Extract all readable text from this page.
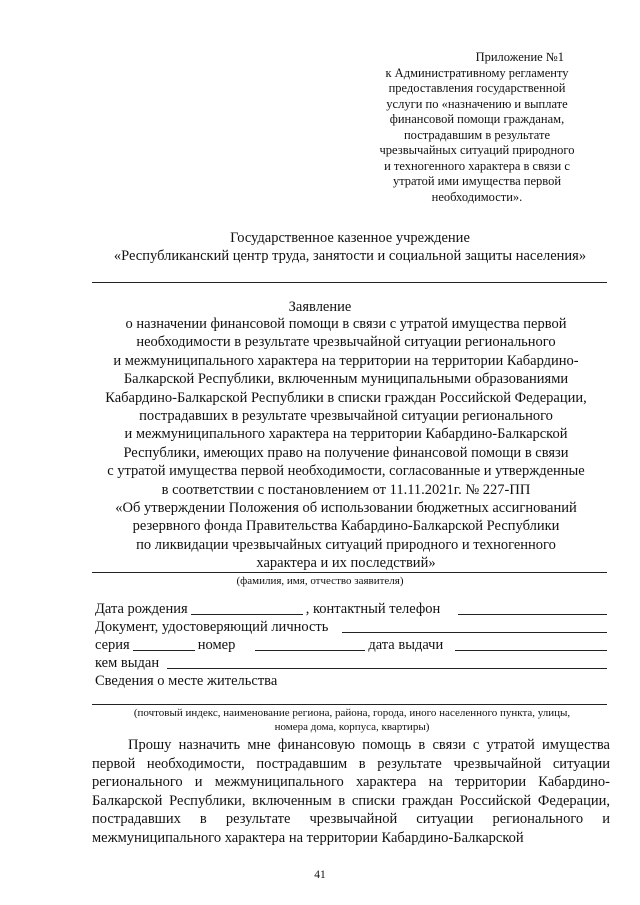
Приложение №1
к Административному регламенту
предоставления государственной
услуги по «назначению и выплате
финансовой помощи гражданам,
пострадавшим в результате
чрезвычайных ситуаций природного
и техногенного характера в связи с
утратой ими имущества первой
необходимости».
Государственное казенное учреждение
«Республиканский центр труда, занятости и социальной защиты населения»
Заявление
о назначении финансовой помощи в связи с утратой имущества первой
необходимости в результате чрезвычайной ситуации регионального
и межмуниципального характера на территории на территории Кабардино-
Балкарской Республики, включенным муниципальными образованиями
Кабардино-Балкарской Республики в списки граждан Российской Федерации,
пострадавших в результате чрезвычайной ситуации регионального
и межмуниципального характера на территории Кабардино-Балкарской
Республики, имеющих право на получение финансовой помощи в связи
с утратой имущества первой необходимости, согласованные и утвержденные
в соответствии с постановлением от 11.11.2021г. № 227-ПП
«Об утверждении Положения об использовании бюджетных ассигнований
резервного фонда Правительства Кабардино-Балкарской Республики
по ликвидации чрезвычайных ситуаций природного и техногенного
характера и их последствий»
(фамилия, имя, отчество заявителя)
Дата рождения	, контактный телефон
Документ, удостоверяющий личность
серия	номер	дата выдачи
кем выдан
Сведения о месте жительства
(почтовый индекс, наименование региона, района, города, иного населенного пункта, улицы,
номера дома, корпуса, квартиры)
Прошу назначить мне финансовую помощь в связи с утратой имущества первой необходимости, пострадавшим в результате чрезвычайной ситуации регионального и межмуниципального характера на территории Кабардино-Балкарской Республики, включенным в списки граждан Российской Федерации, пострадавших в результате чрезвычайной ситуации регионального и межмуниципального характера на территории Кабардино-Балкарской
41
